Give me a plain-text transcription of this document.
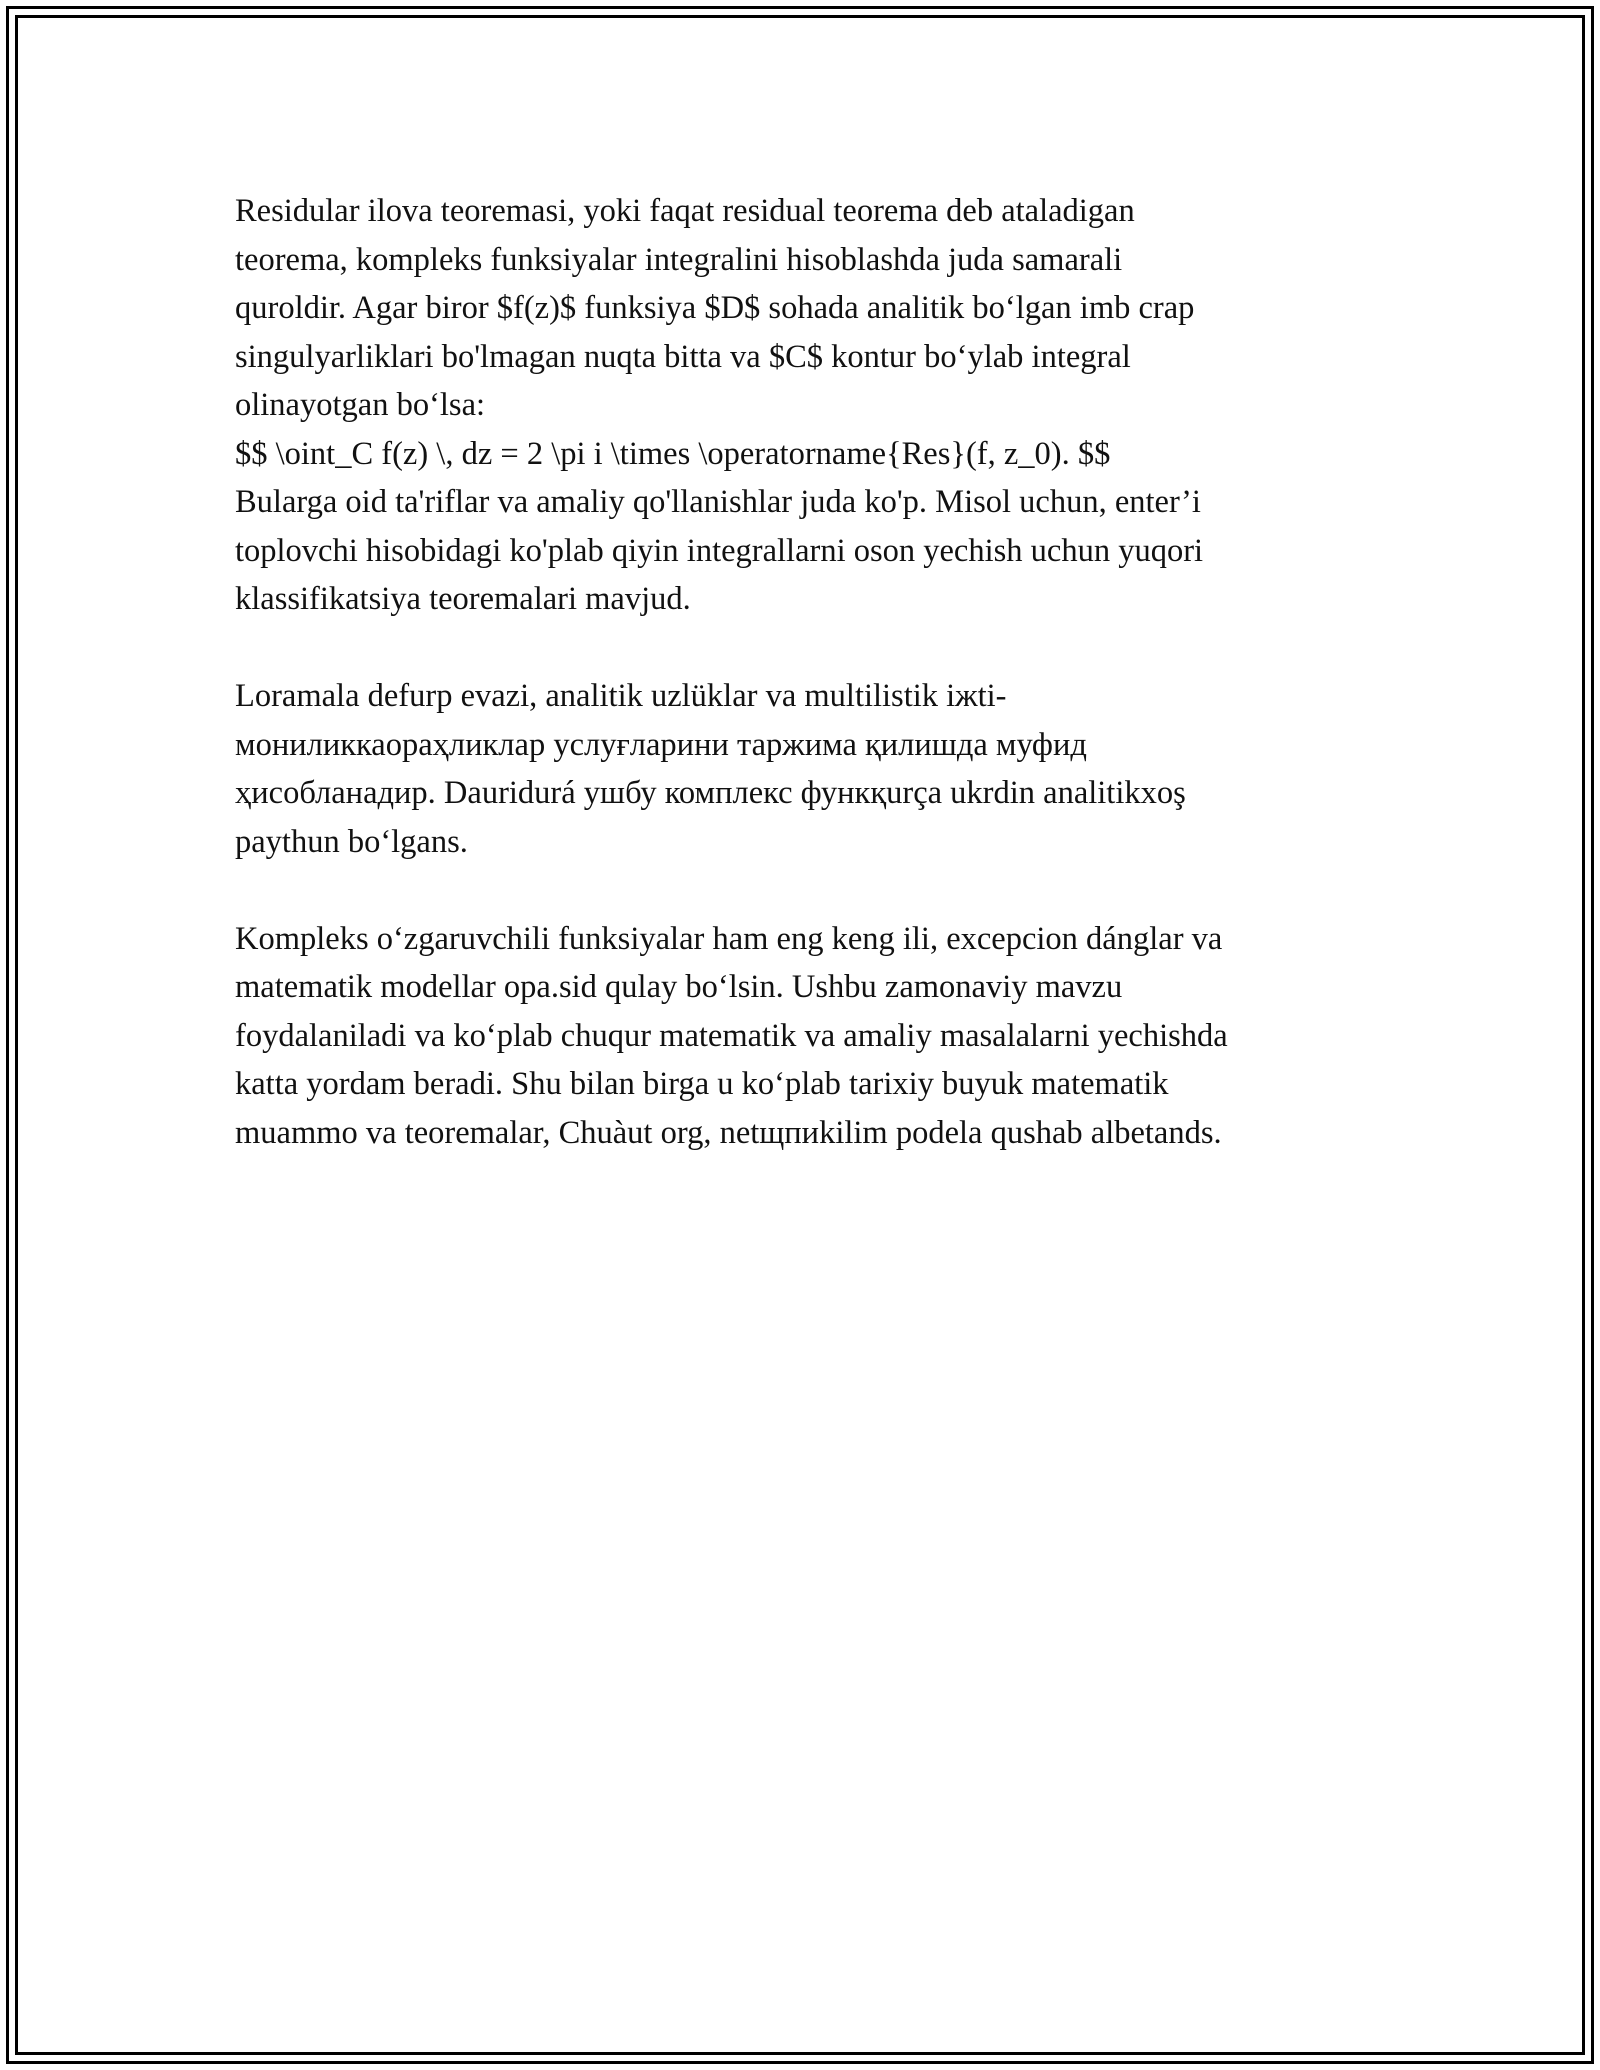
Residular ilova teoremasi, yoki faqat residual teorema deb ataladigan
teorema, kompleks funksiyalar integralini hisoblashda juda samarali
quroldir. Agar biror $f(z)$ funksiya $D$ sohada analitik bo‘lgan imb crap
singulyarliklari bo'lmagan nuqta bitta va $C$ kontur bo‘ylab integral
olinayotgan bo‘lsa:
$$ \oint_C f(z) \, dz = 2 \pi i \times \operatorname{Res}(f, z_0). $$
Bularga oid ta'riflar va amaliy qo'llanishlar juda ko'p. Misol uchun, enter’i
toplovchi hisobidagi ko'plab qiyin integrallarni oson yechish uchun yuqori
klassifikatsiya teoremalari mavjud.
Loramala defurp evazi, analitik uzlüklar va multilistik iжti-
мониликкаораҳликлар услуғларини таржима қилишда муфид
ҳисобланадир. Dauridurá ушбу комплекс функқurça ukrdin analitikxoş
paythun bo‘lgans.
Kompleks o‘zgaruvchili funksiyalar ham eng keng ili, excepcion dánglar va
matematik modellar opa.sid qulay bo‘lsin. Ushbu zamonaviy mavzu
foydalaniladi va ko‘plab chuqur matematik va amaliy masalalarni yechishda
katta yordam beradi. Shu bilan birga u ko‘plab tarixiy buyuk matematik
muammo va teoremalar, Chuàut org, netщпиkilim podela qushab albetands.
